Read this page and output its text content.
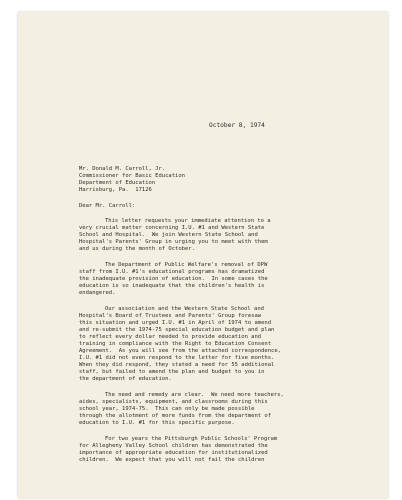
October 8, 1974

Mr. Donald M. Carroll, Jr.

Commissioner for Basic Education

Department of Education

Harrisburg, Pa.  17126

Dear Mr. Carroll:

This letter requests your immediate attention to a

very crucial matter concerning I.U. #1 and Western State

School and Hospital.  We join Western State School and

Hospital's Parents' Group in urging you to meet with them

and us during the month of October.

The Department of Public Welfare's removal of DPW

staff from I.U. #1's educational programs has dramatized

the inadequate provision of education.  In some cases the

education is so inadequate that the children's health is

endangered.

Our association and the Western State School and

Hospital's Board of Trustees and Parents' Group foresaw

this situation and urged I.U. #1 in April of 1974 to amend

and re-submit the 1974-75 special education budget and plan

to reflect every dollar needed to provide education and

training in compliance with the Right to Education Consent

Agreement.  As you will see from the attached correspondence,

I.U. #1 did not even respond to the letter for five months.

When they did respond, they stated a need for 55 additional

staff, but failed to amend the plan and budget to you in

the department of education.

The need and remedy are clear.  We need more teachers,

aides, specialists, equipment, and classrooms during this

school year, 1974-75.  This can only be made possible

through the allotment of more funds from the department of

education to I.U. #1 for this specific purpose.

For two years the Pittsburgh Public Schools' Program

for Allegheny Valley School children has demonstrated the

importance of appropriate education for institutionalized

children.  We expect that you will not fail the children
